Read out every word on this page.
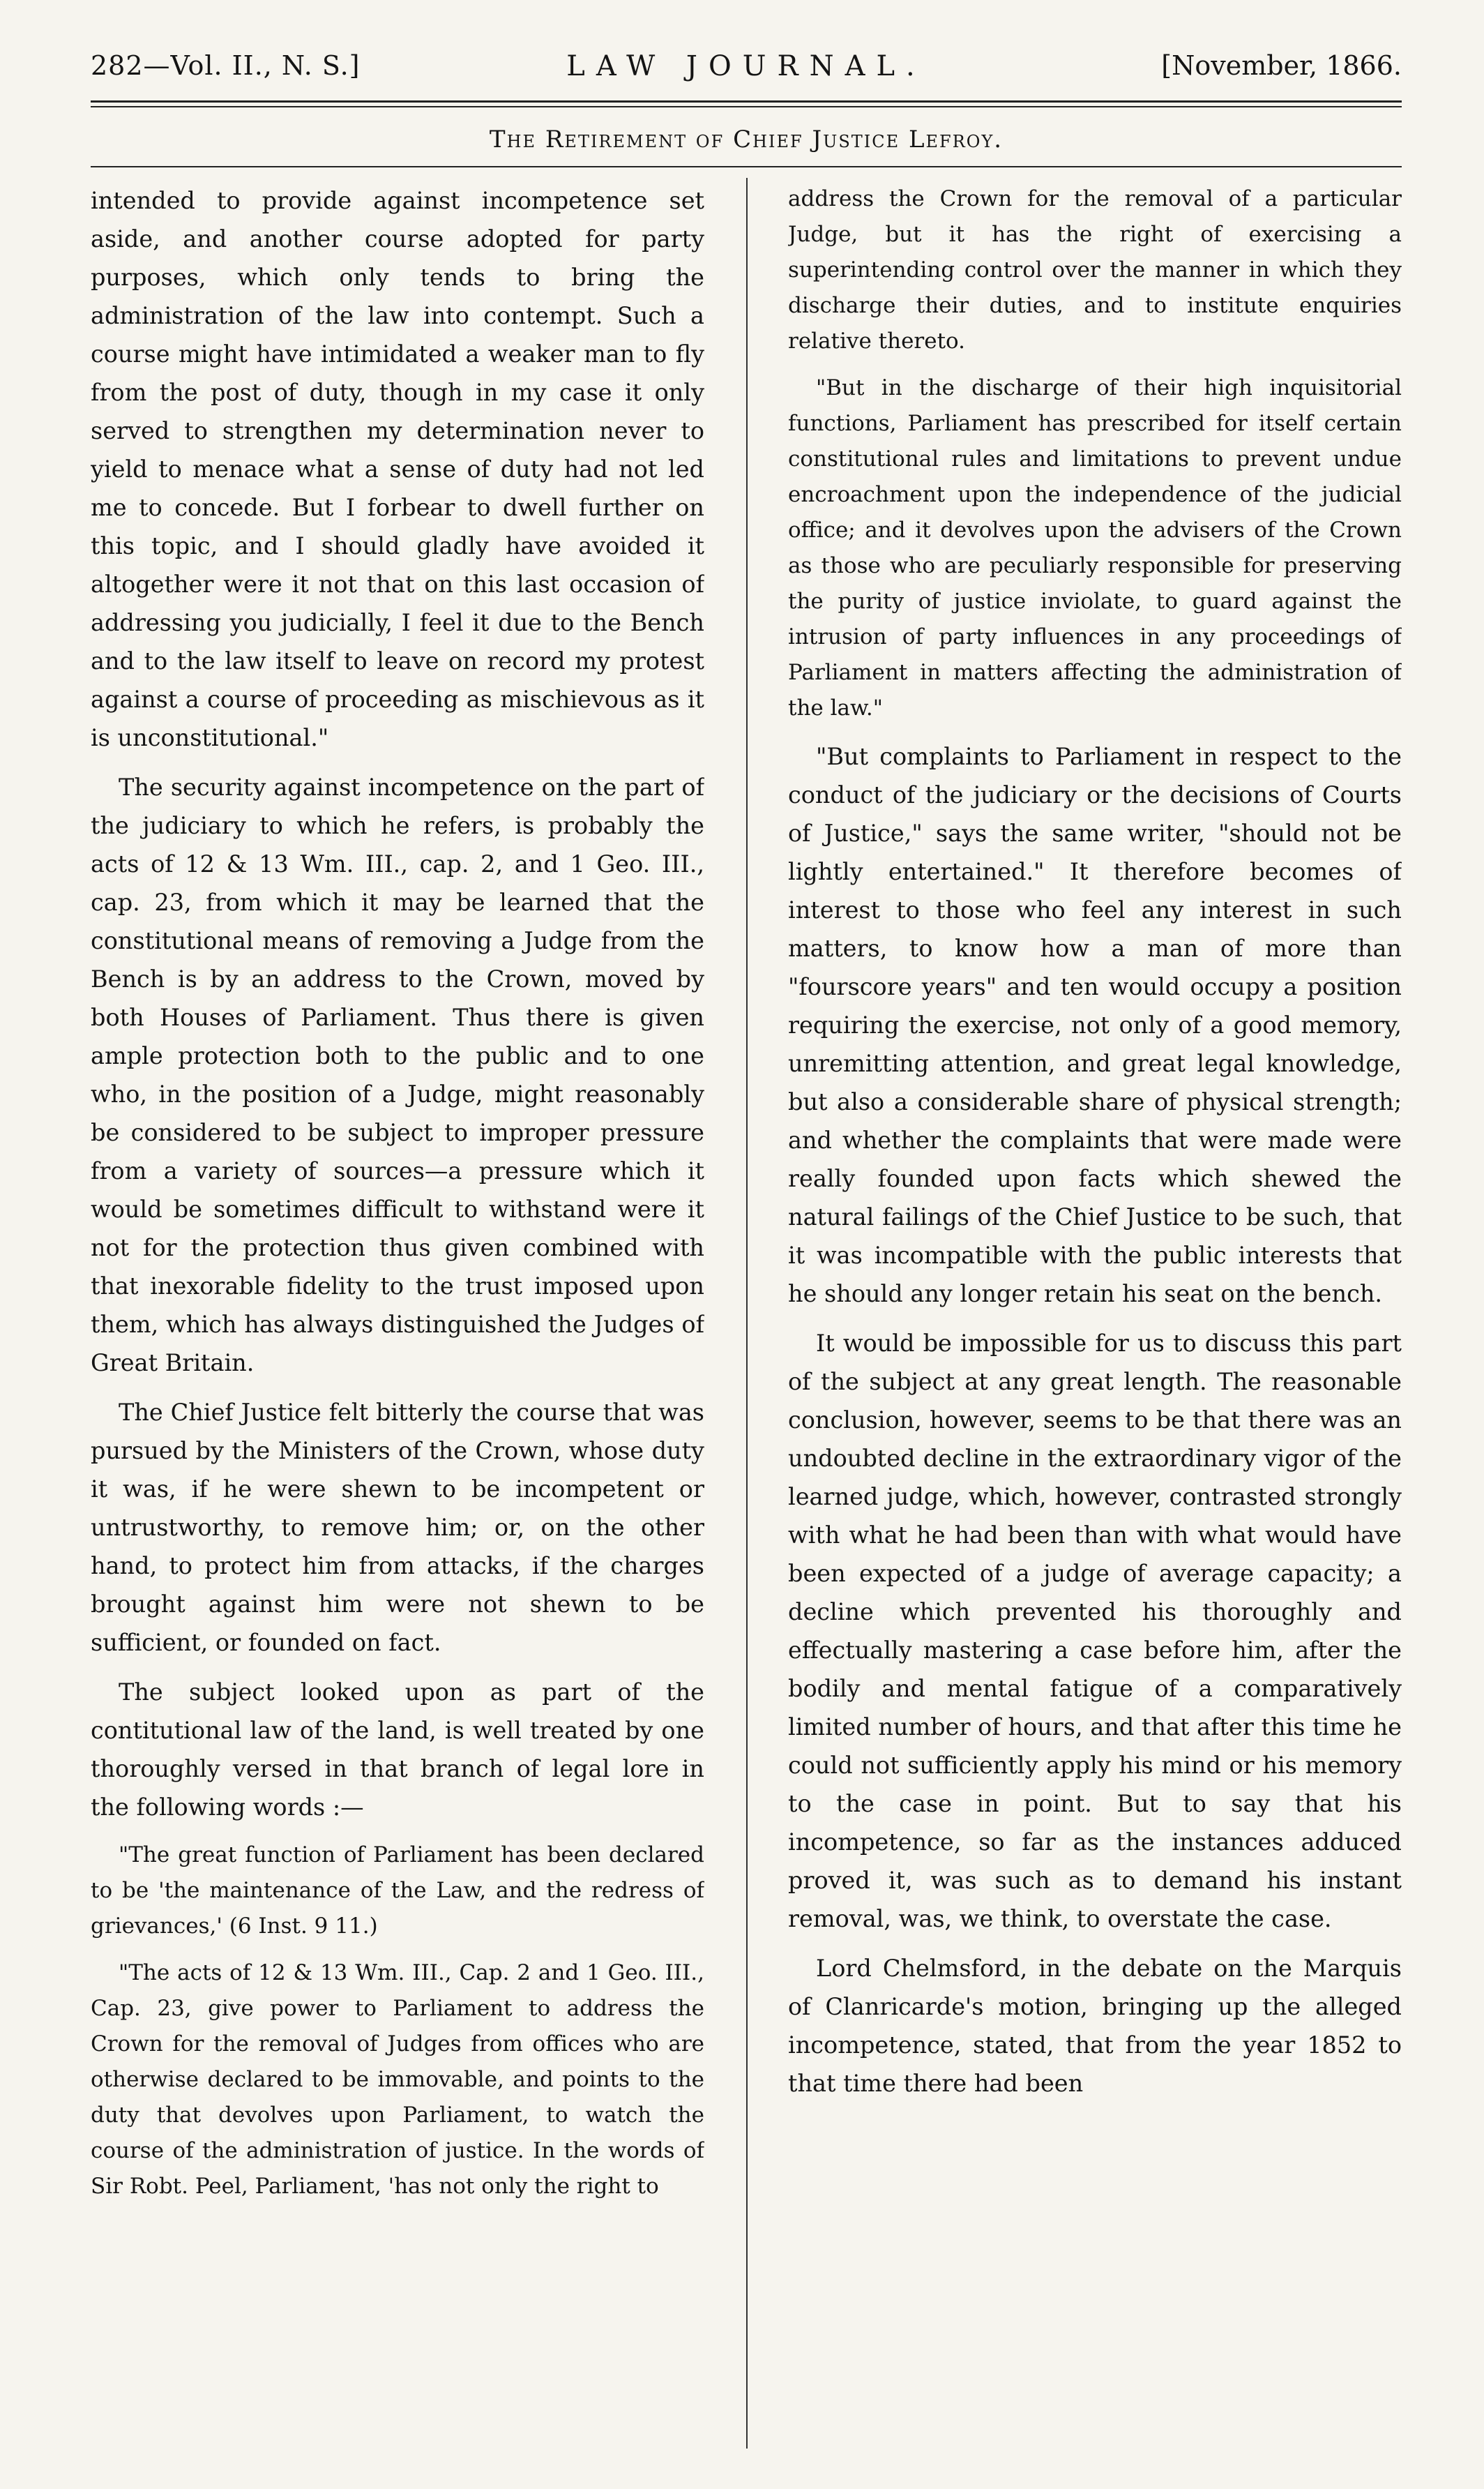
282—Vol. II., N. S.]	LAW JOURNAL.	[November, 1866.
The Retirement of Chief Justice Lefroy.

intended to provide against incompetence set aside, and another course adopted for party purposes, which only tends to bring the administration of the law into contempt. Such a course might have intimidated a weaker man to fly from the post of duty, though in my case it only served to strengthen my determination never to yield to menace what a sense of duty had not led me to concede. But I forbear to dwell further on this topic, and I should gladly have avoided it altogether were it not that on this last occasion of addressing you judicially, I feel it due to the Bench and to the law itself to leave on record my protest against a course of proceeding as mischievous as it is unconstitutional."

The security against incompetence on the part of the judiciary to which he refers, is probably the acts of 12 & 13 Wm. III., cap. 2, and 1 Geo. III., cap. 23, from which it may be learned that the constitutional means of removing a Judge from the Bench is by an address to the Crown, moved by both Houses of Parliament. Thus there is given ample protection both to the public and to one who, in the position of a Judge, might reasonably be considered to be subject to improper pressure from a variety of sources—a pressure which it would be sometimes difficult to withstand were it not for the protection thus given combined with that inexorable fidelity to the trust imposed upon them, which has always distinguished the Judges of Great Britain.

The Chief Justice felt bitterly the course that was pursued by the Ministers of the Crown, whose duty it was, if he were shewn to be incompetent or untrustworthy, to remove him; or, on the other hand, to protect him from attacks, if the charges brought against him were not shewn to be sufficient, or founded on fact.

The subject looked upon as part of the contitutional law of the land, is well treated by one thoroughly versed in that branch of legal lore in the following words :—

"The great function of Parliament has been declared to be 'the maintenance of the Law, and the redress of grievances,' (6 Inst. 9 11.)

"The acts of 12 & 13 Wm. III., Cap. 2 and 1 Geo. III., Cap. 23, give power to Parliament to address the Crown for the removal of Judges from offices who are otherwise declared to be immovable, and points to the duty that devolves upon Parliament, to watch the course of the administration of justice. In the words of Sir Robt. Peel, Parliament, 'has not only the right to

address the Crown for the removal of a particular Judge, but it has the right of exercising a superintending control over the manner in which they discharge their duties, and to institute enquiries relative thereto.

"But in the discharge of their high inquisitorial functions, Parliament has prescribed for itself certain constitutional rules and limitations to prevent undue encroachment upon the independence of the judicial office; and it devolves upon the advisers of the Crown as those who are peculiarly responsible for preserving the purity of justice inviolate, to guard against the intrusion of party influences in any proceedings of Parliament in matters affecting the administration of the law."

"But complaints to Parliament in respect to the conduct of the judiciary or the decisions of Courts of Justice," says the same writer, "should not be lightly entertained." It therefore becomes of interest to those who feel any interest in such matters, to know how a man of more than "fourscore years" and ten would occupy a position requiring the exercise, not only of a good memory, unremitting attention, and great legal knowledge, but also a considerable share of physical strength; and whether the complaints that were made were really founded upon facts which shewed the natural failings of the Chief Justice to be such, that it was incompatible with the public interests that he should any longer retain his seat on the bench.

It would be impossible for us to discuss this part of the subject at any great length. The reasonable conclusion, however, seems to be that there was an undoubted decline in the extraordinary vigor of the learned judge, which, however, contrasted strongly with what he had been than with what would have been expected of a judge of average capacity; a decline which prevented his thoroughly and effectually mastering a case before him, after the bodily and mental fatigue of a comparatively limited number of hours, and that after this time he could not sufficiently apply his mind or his memory to the case in point. But to say that his incompetence, so far as the instances adduced proved it, was such as to demand his instant removal, was, we think, to overstate the case.

Lord Chelmsford, in the debate on the Marquis of Clanricarde's motion, bringing up the alleged incompetence, stated, that from the year 1852 to that time there had been
